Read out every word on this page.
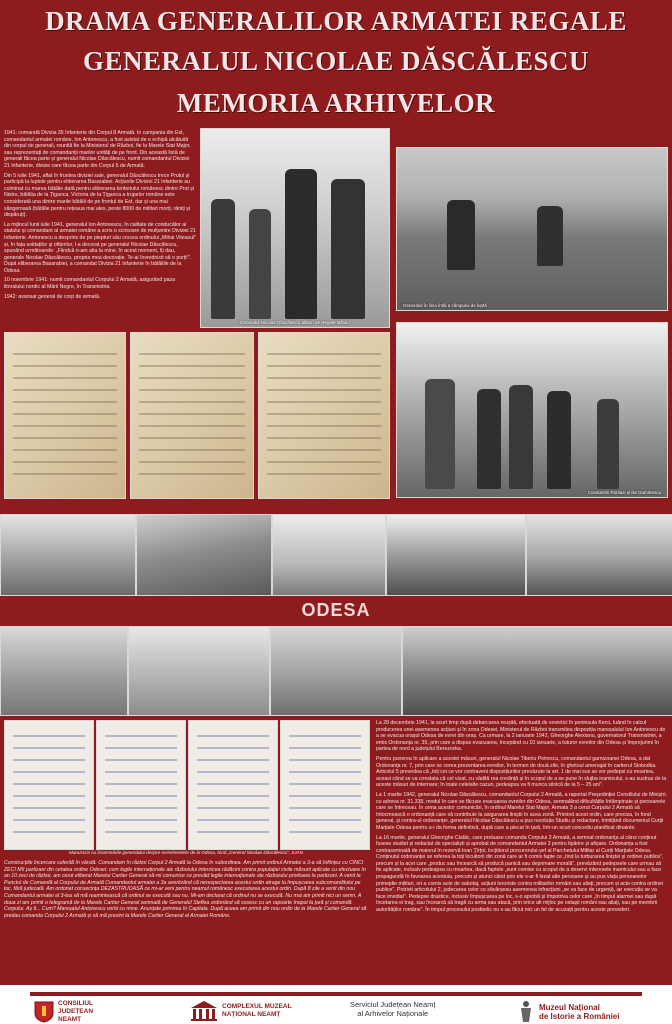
DRAMA GENERALILOR ARMATEI REGALE
GENERALUL NICOLAE DĂSCĂLESCU
MEMORIA ARHIVELOR

1941: comandă Divizia 35 Infanterie din Corpul 8 Armată. În campania din Est, comandantul armatei române, Ion Antonescu, a fost asistat de o echipă alcătuită din corpul de generali, reunită fie la Ministerul de Război, fie la Marele Stat Major, sau reprezentați de comandanții marilor unități de pe front. Din această listă de generali făcea parte și generalul Nicolae Dăscălescu, numit comandantul Diviziei 21 Infanterie, divizie care făcea parte din Corpul 5 de Armată.

Din 5 iulie 1941, aflat în fruntea diviziei sale, generalul Dăscălescu trece Prutul și participă la luptele pentru eliberarea Basarabiei. Acțiunile Diviziei 21 Infanterie au culminat cu marea bătălie dată pentru eliberarea teritoriului românesc dintre Prut și Nistru, bătălia de la Țiganca. Victoria de la Țiganca a trupelor române este considerată una dintre marile bătălii de pe frontul de Est, dar și una mai sângeroasă (bătălie pentru rețeaua mai ales, peste 8000 de militari morți, răniți și dispăruți).

La mijlocul lunii iulie 1941, generalul Ion Antonescu, în calitate de conducător al statului și comandant al armatei române a scris o scrisoare de mulțumire Diviziei 21 Infanterie. Antonescu a desprins de pe piepturi său crucea ordinului „Mihai Viteazul” și, în fața soldaților și ofițerilor, l-a decorat pe generalul Nicolae Dăscălescu, spunând următoarele: „Fiindcă n-am alta la mine, în acest moment, îți dau, generale Nicolae Dăscălescu, propria mea decorație. Te-ai învrednicit să o porți!”. După eliberarea Basarabiei, a comandat Divizia 21 Infanterie în bătăliile de la Odesa.

10 noiembrie 1941: numit comandantul Corpului 2 Armată, asigurând paza litoralului nordic al Mării Negre, în Transnistria.

1942: avansat general de corp de armată.

Generalul Nicolae Dăscălescu alături de Regele Mihai I
Generalul în linia întâi a câmpului de luptă
Constantin Pantazi și Ilie Dumitrescu
ODESA
Manuscris cu însemnările generalului despre evenimentele de la Odesa, fond „General Nicolae Dăscălescu”, SJAN
Construcțiile încercare suferită în vârstă. Comandam în război Corpul 2 Armată la Odesa în subordinea. Am primit ordinul Armatei a 3-a să înființez cu CINCI ZECI MII partizani din cetatea ordine Odesei: cum legile internaționale ale războiului interzicea rădăcini contra populației civile măsurii aplicate cu efectuare în an 10 zeci de război, am cerut eliberat Marelui Cartier General să-mi comunice ce prevăd legile internaționale ale războiului privitoare la partizani. A venit la Punctul de Comandă al Corpului de Armată Comandantul armatei a 3a avertizând că nerespectarea acestui ordin atrage la împușcarea subcomanditului pe loc, fără judecată. Am ordonat consecința DEZASTRUOASĂ ce mi-ar veni pentru neamul românesc executarea acestui ordin. După 8 zile a venit din nou Comandantul armatei al 3-lea să mă reamintească că ordinul se execută sau nu. Mi-am declarat că ordinul nu se execută. Nu mai am primit nici un semn. A doua zi am primit o telegramă de la Marele Cartier General semnată de Generalul Steflea ordonând să sosesc cu un rapoarte înapoi la țară și comandă Corpului. Aș fi... Cum? Mareșalul Antonescu vorbi cu mine. Anunțate primirea în Capitala. După aceea am primit din nou ordin de la Marele Cartier General să predau comanda Corpului 2 Armată și să mă prezint la Marele Cartier General al Armatei Române.

La 28 decembrie 1941, la scurt timp după debarcarea reușită, efectuată de sovietici în peninsula Kerci, luând în calcul producerea unei asemenea acțiuni și în zona Odesei, Ministerul de Război transmitea dispoziția mareșalului Ion Antonescu de a se evacua orașul Odesa de evrei din oraș. Ca urmare, la 2 ianuarie 1942, Gheorghe Alexianu, guvernatorul Transnistriei, a emis Ordonanța nr. 35, prin care a dispus evacuarea, începând cu 10 ianuarie, a tuturor evreilor din Odesa și împrejurimi în partea de nord a județului Berezovka.

Pentru punerea în aplicare a acestei măsuri, generalul Nicolae Tiberiu Petrescu, comandantul garnizoanei Odesa, a dat Ordonanța nr. 7, prin care se cerea prezentarea evreilor, în termen de două zile, în ghetoul amenajat în cartierul Slobodka. Articolul 5 prevedea că „toți cei ce vor contraveni dispozițiunilor prevăzute la art. 1 de mai sus se vor pedepsi cu moartea, aceasi când se va constata că cel vizat, cu vădită rea credință și în scopul de a se pune în slujba inamicului, s-au sustras de la aceste măsuri de internare; în toate celelalte cazuri, pedeapsa va fi munca silnică de la 5 – 25 ani”.

La 1 martie 1942, generalul Nicolae Dăscălescu, comandantul Corpului 2 Armată, a raportat Președinției Consiliului de Miniștri, cu adresa nr. 31.338, modul în care se făcuse evacuarea evreilor din Odesa, semnalând dificultățile întâmpinate și persoanele care se întreceau. În urma acestor comunicări, în ordinul Marelui Stat Major, Armata 3 a cerut Corpului 2 Armată să întocmească o ordonanță care să contribuie la asigurarea liniștii în acea zonă. Primind acest ordin, care preciza, în fond general, și contra-ul ordonanței, generalul Nicolae Dăscălescu a pus rezoluția Studiu și redactare, trimițând documentul Curții Marțiale Odesa pentru a-i da forma definitivă, după care a plecat în țară, într-un scurt concediu planificat dinainte.

La 16 martie, generalul Gheorghe Cialâc, care preluase comanda Corpului 2 Armată, a semnat ordonanța al cărui conținut fusese studiat și redactat de specialiști și aprobat de comandantul Armatei 3 pentru tipărire și afișare. Ordonanța a fost contrasemnată de maiorul în rezervă Ioan Ţîrţoi, locțiitorul procurorului-șef al Parchetului Militar al Curții Marțiale Odesa. Conținutul ordonanței se referea la toți locuitorii din zonă care ar fi comis fapte ce „tind la turburarea liniștei și ordinei publice”, precum și la acei care „produc sau încearcă să producă panică sau deprimare morală”, prevăzând pedepsele care urmau să fie aplicate, inclusiv pedeapsa cu moartea, dacă faptele „sunt comise cu scopul de a deservi interesele inamicului sau a face propagandă în favoarea acestuia, precum și atunci când prin ele s-ar fi lezat alte persoane și au pus viața persoanelor primejdie militari, ori a comis acte de sabotaj, acțiuni teroriste contra militarilor români sau aliați, precum și acte contra ordinei publice”. Potrivit articolului 2, judecarea celor ce săvârșeau asemenea infracțiuni „se va face de urgență, iar execuția se va face imediat”. Pedepse drastice, inclusiv împușcarea pe loc, s-o aprobă și împotriva celor care „în timpul alarmei sau după încetarea ei trag, sau încearcă să tragă cu arma sau atacă, prin orice alt mijloc pe ostașii români sau aliați, sau pe membrii autorităților române”. În timpul procesului postbelic nu s-au făcut nici un fel de acuzații pentru aceste prevederi.

CONSILIUL JUDEȚEAN NEAMȚ
COMPLEXUL MUZEAL
NAȚIONAL NEAMȚ
Serviciul Județean Neamț
al Arhivelor Naționale
Muzeul Național
de Istorie a României
